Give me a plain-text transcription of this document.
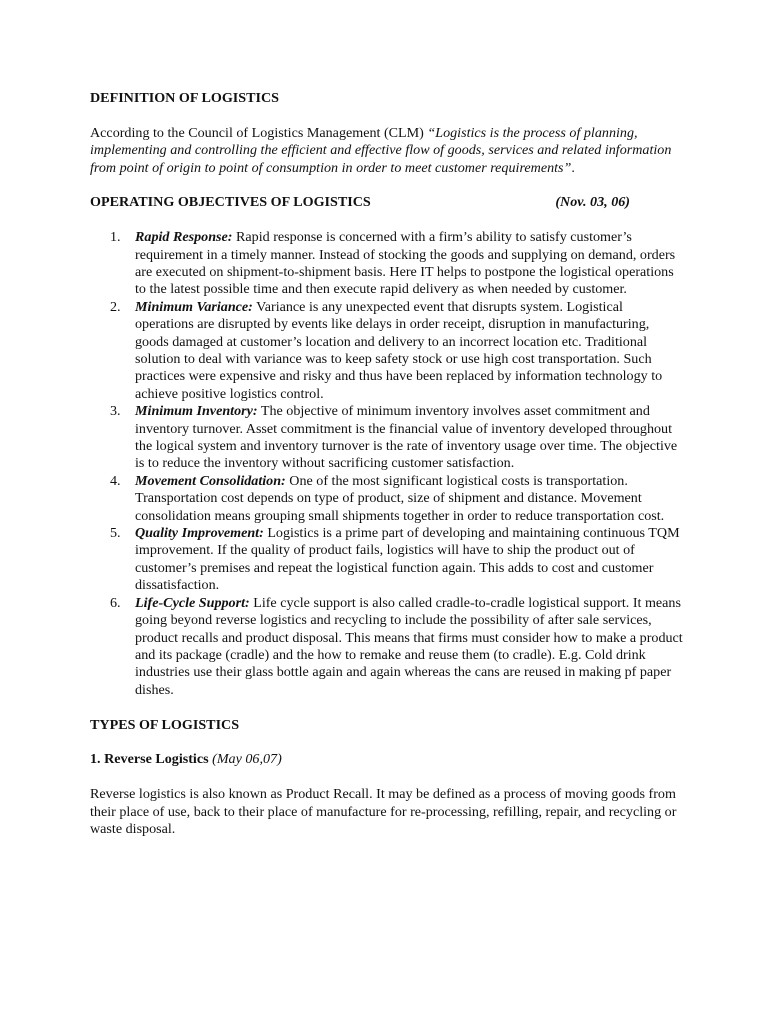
DEFINITION OF LOGISTICS

According to the Council of Logistics Management (CLM) “Logistics is the process of planning, implementing and controlling the efficient and effective flow of goods, services and related information from point of origin to point of consumption in order to meet customer requirements”.

OPERATING OBJECTIVES OF LOGISTICS	(Nov. 03, 06)
1. Rapid Response: Rapid response is concerned with a firm’s ability to satisfy customer’s requirement in a timely manner. Instead of stocking the goods and supplying on demand, orders are executed on shipment-to-shipment basis. Here IT helps to postpone the logistical operations to the latest possible time and then execute rapid delivery as when needed by customer.
2. Minimum Variance: Variance is any unexpected event that disrupts system. Logistical operations are disrupted by events like delays in order receipt, disruption in manufacturing, goods damaged at customer’s location and delivery to an incorrect location etc. Traditional solution to deal with variance was to keep safety stock or use high cost transportation. Such practices were expensive and risky and thus have been replaced by information technology to achieve positive logistics control.
3. Minimum Inventory: The objective of minimum inventory involves asset commitment and inventory turnover. Asset commitment is the financial value of inventory developed throughout the logical system and inventory turnover is the rate of inventory usage over time. The objective is to reduce the inventory without sacrificing customer satisfaction.
4. Movement Consolidation: One of the most significant logistical costs is transportation. Transportation cost depends on type of product, size of shipment and distance. Movement consolidation means grouping small shipments together in order to reduce transportation cost.
5. Quality Improvement: Logistics is a prime part of developing and maintaining continuous TQM improvement. If the quality of product fails, logistics will have to ship the product out of customer’s premises and repeat the logistical function again. This adds to cost and customer dissatisfaction.
6. Life-Cycle Support: Life cycle support is also called cradle-to-cradle logistical support. It means going beyond reverse logistics and recycling to include the possibility of after sale services, product recalls and product disposal. This means that firms must consider how to make a product and its package (cradle) and the how to remake and reuse them (to cradle). E.g. Cold drink industries use their glass bottle again and again whereas the cans are reused in making pf paper dishes.

TYPES OF LOGISTICS

1. Reverse Logistics (May 06,07)

Reverse logistics is also known as Product Recall. It may be defined as a process of moving goods from their place of use, back to their place of manufacture for re-processing, refilling, repair, and recycling or waste disposal.
